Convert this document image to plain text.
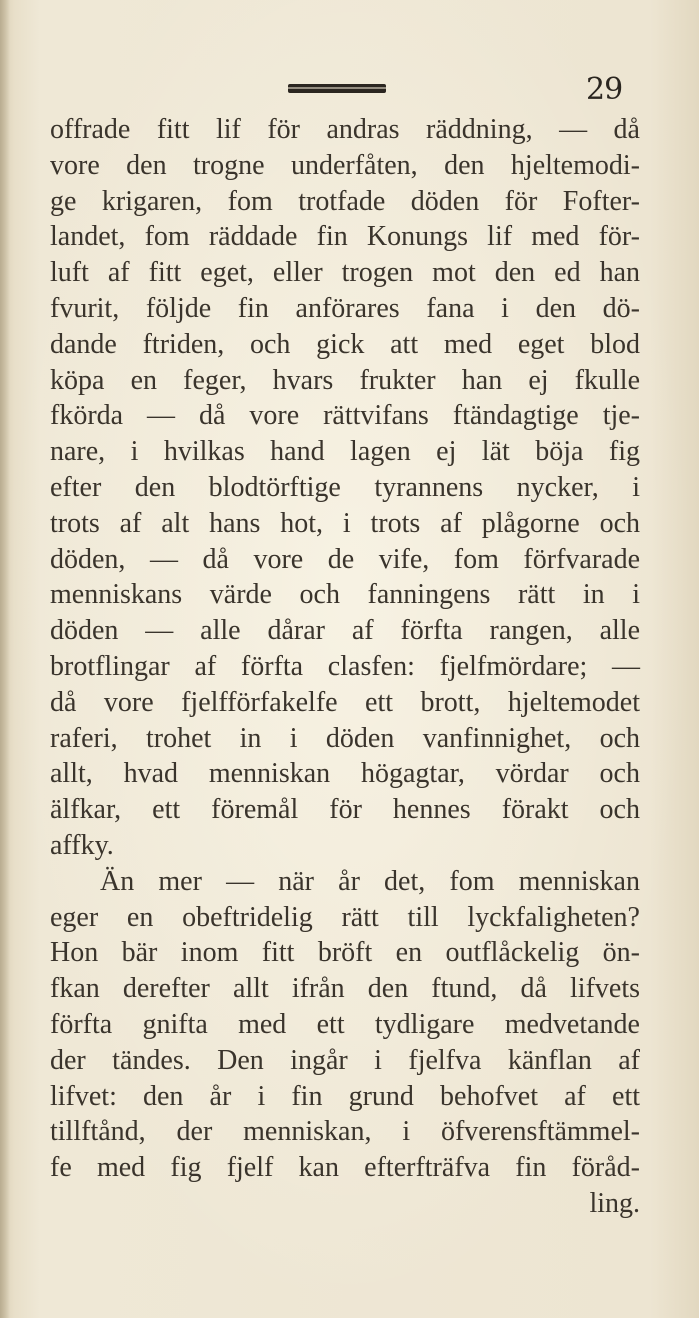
29
offrade fitt lif för andras räddning, — då
vore den trogne underfåten, den hjeltemodi-
ge krigaren, fom trotfade döden för Fofter-
landet, fom räddade fin Konungs lif med för-
luft af fitt eget, eller trogen mot den ed han
fvurit, följde fin anförares fana i den dö-
dande ftriden, och gick att med eget blod
köpa en feger, hvars frukter han ej fkulle
fkörda — då vore rättvifans ftändagtige tje-
nare, i hvilkas hand lagen ej lät böja fig
efter den blodtörftige tyrannens nycker, i
trots af alt hans hot, i trots af plågorne och
döden, — då vore de vife, fom förfvarade
menniskans värde och fanningens rätt in i
döden — alle dårar af förfta rangen, alle
brotflingar af förfta clasfen: fjelfmördare; —
då vore fjelfförfakelfe ett brott, hjeltemodet
raferi, trohet in i döden vanfinnighet, och
allt, hvad menniskan högagtar, vördar och
älfkar, ett föremål för hennes förakt och
affky.
Än mer — när år det, fom menniskan
eger en obeftridelig rätt till lyckfaligheten?
Hon bär inom fitt bröft en outflåckelig ön-
fkan derefter allt ifrån den ftund, då lifvets
förfta gnifta med ett tydligare medvetande
der tändes. Den ingår i fjelfva känflan af
lifvet: den år i fin grund behofvet af ett
tillftånd, der menniskan, i öfverensftämmel-
fe med fig fjelf kan efterfträfva fin föråd-
ling.
